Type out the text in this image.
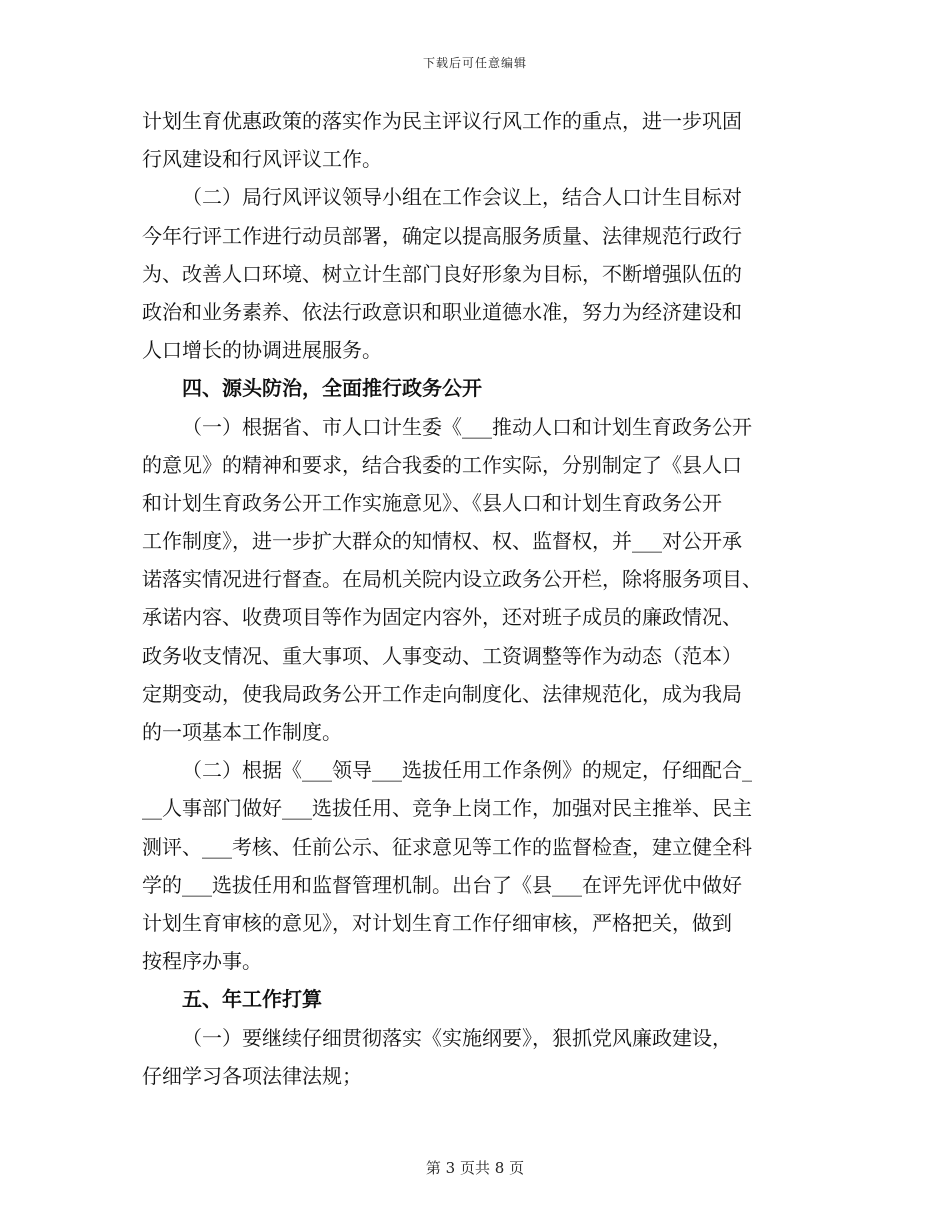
下载后可任意编辑
计划生育优惠政策的落实作为民主评议行风工作的重点，进一步巩固
行风建设和行风评议工作。
（二）局行风评议领导小组在工作会议上，结合人口计生目标对
今年行评工作进行动员部署，确定以提高服务质量、法律规范行政行
为、改善人口环境、树立计生部门良好形象为目标，不断增强队伍的
政治和业务素养、依法行政意识和职业道德水准，努力为经济建设和
人口增长的协调进展服务。
四、源头防治，全面推行政务公开
（一）根据省、市人口计生委《___推动人口和计划生育政务公开
的意见》的精神和要求，结合我委的工作实际，分别制定了《县人口
和计划生育政务公开工作实施意见》、《县人口和计划生育政务公开
工作制度》，进一步扩大群众的知情权、权、监督权，并___对公开承
诺落实情况进行督查。在局机关院内设立政务公开栏，除将服务项目、
承诺内容、收费项目等作为固定内容外，还对班子成员的廉政情况、
政务收支情况、重大事项、人事变动、工资调整等作为动态（范本）
定期变动，使我局政务公开工作走向制度化、法律规范化，成为我局
的一项基本工作制度。
（二）根据《___领导___选拔任用工作条例》的规定，仔细配合_
__人事部门做好___选拔任用、竞争上岗工作，加强对民主推举、民主
测评、___考核、任前公示、征求意见等工作的监督检查，建立健全科
学的___选拔任用和监督管理机制。出台了《县___在评先评优中做好
计划生育审核的意见》，对计划生育工作仔细审核，严格把关，做到
按程序办事。
五、年工作打算
（一）要继续仔细贯彻落实《实施纲要》，狠抓党风廉政建设，
仔细学习各项法律法规；
第 3 页共 8 页
